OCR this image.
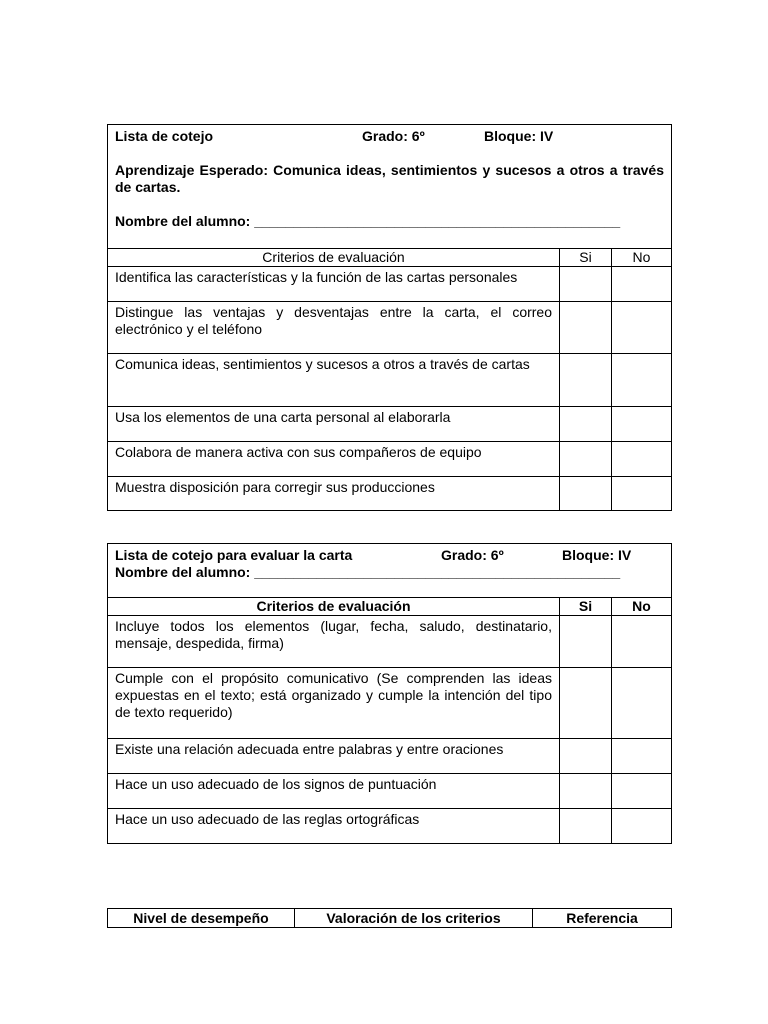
Lista de cotejo Grado: 6º Bloque: IV
Aprendizaje Esperado: Comunica ideas, sentimientos y sucesos a otros a través de cartas.
Nombre del alumno: _______________________________________________		

Criterios de evaluación	Si	No
Identifica las características y la función de las cartas personales		
Distingue las ventajas y desventajas entre la carta, el correo electrónico y el teléfono		
Comunica ideas, sentimientos y sucesos a otros a través de cartas		
Usa los elementos de una carta personal al elaborarla		
Colabora de manera activa con sus compañeros de equipo		
Muestra disposición para corregir sus producciones		
Lista de cotejo para evaluar la carta Grado: 6º Bloque: IV
Nombre del alumno: _______________________________________________		

Criterios de evaluación	Si	No
Incluye todos los elementos (lugar, fecha, saludo, destinatario, mensaje, despedida, firma)		
Cumple con el propósito comunicativo (Se comprenden las ideas expuestas en el texto; está organizado y cumple la intención del tipo de texto requerido)		
Existe una relación adecuada entre palabras y entre oraciones		
Hace un uso adecuado de los signos de puntuación		
Hace un uso adecuado de las reglas ortográficas		
Nivel de desempeño	Valoración de los criterios	Referencia
